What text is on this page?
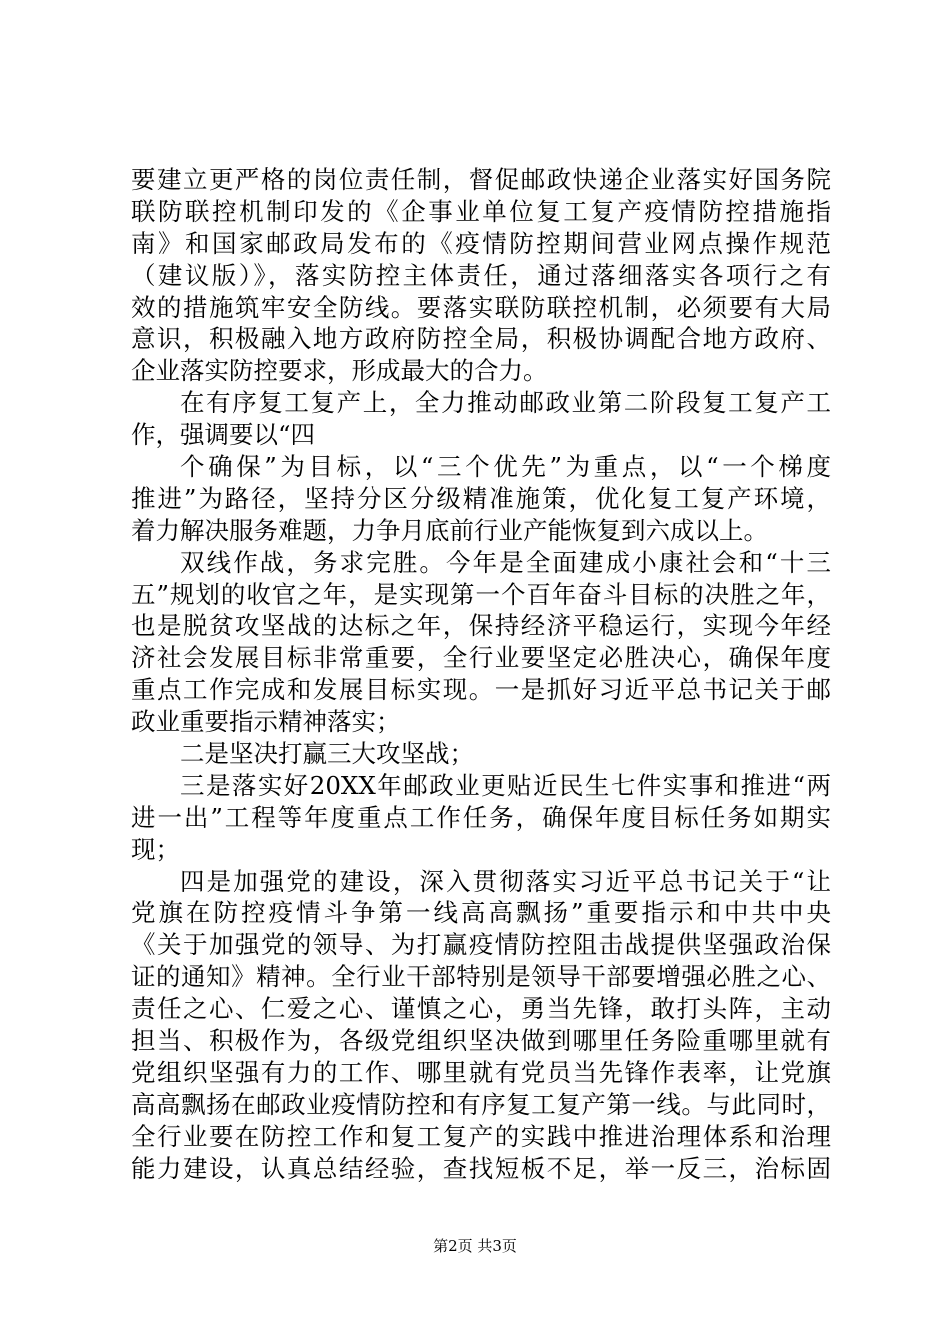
要建立更严格的岗位责任制，督促邮政快递企业落实好国务院
联防联控机制印发的《企事业单位复工复产疫情防控措施指
南》和国家邮政局发布的《疫情防控期间营业网点操作规范
（建议版）》，落实防控主体责任，通过落细落实各项行之有
效的措施筑牢安全防线。要落实联防联控机制，必须要有大局
意识，积极融入地方政府防控全局，积极协调配合地方政府、
企业落实防控要求，形成最大的合力。
在有序复工复产上，全力推动邮政业第二阶段复工复产工
作，强调要以“四
个确保”为目标，以“三个优先”为重点，以“一个梯度
推进”为路径，坚持分区分级精准施策，优化复工复产环境，
着力解决服务难题，力争月底前行业产能恢复到六成以上。
双线作战，务求完胜。今年是全面建成小康社会和“十三
五”规划的收官之年，是实现第一个百年奋斗目标的决胜之年，
也是脱贫攻坚战的达标之年，保持经济平稳运行，实现今年经
济社会发展目标非常重要，全行业要坚定必胜决心，确保年度
重点工作完成和发展目标实现。一是抓好习近平总书记关于邮
政业重要指示精神落实；
二是坚决打赢三大攻坚战；
三是落实好20XX年邮政业更贴近民生七件实事和推进“两
进一出”工程等年度重点工作任务，确保年度目标任务如期实
现；
四是加强党的建设，深入贯彻落实习近平总书记关于“让
党旗在防控疫情斗争第一线高高飘扬”重要指示和中共中央
《关于加强党的领导、为打赢疫情防控阻击战提供坚强政治保
证的通知》精神。全行业干部特别是领导干部要增强必胜之心、
责任之心、仁爱之心、谨慎之心，勇当先锋，敢打头阵，主动
担当、积极作为，各级党组织坚决做到哪里任务险重哪里就有
党组织坚强有力的工作、哪里就有党员当先锋作表率，让党旗
高高飘扬在邮政业疫情防控和有序复工复产第一线。与此同时，
全行业要在防控工作和复工复产的实践中推进治理体系和治理
能力建设，认真总结经验，查找短板不足，举一反三，治标固
第2页 共3页
